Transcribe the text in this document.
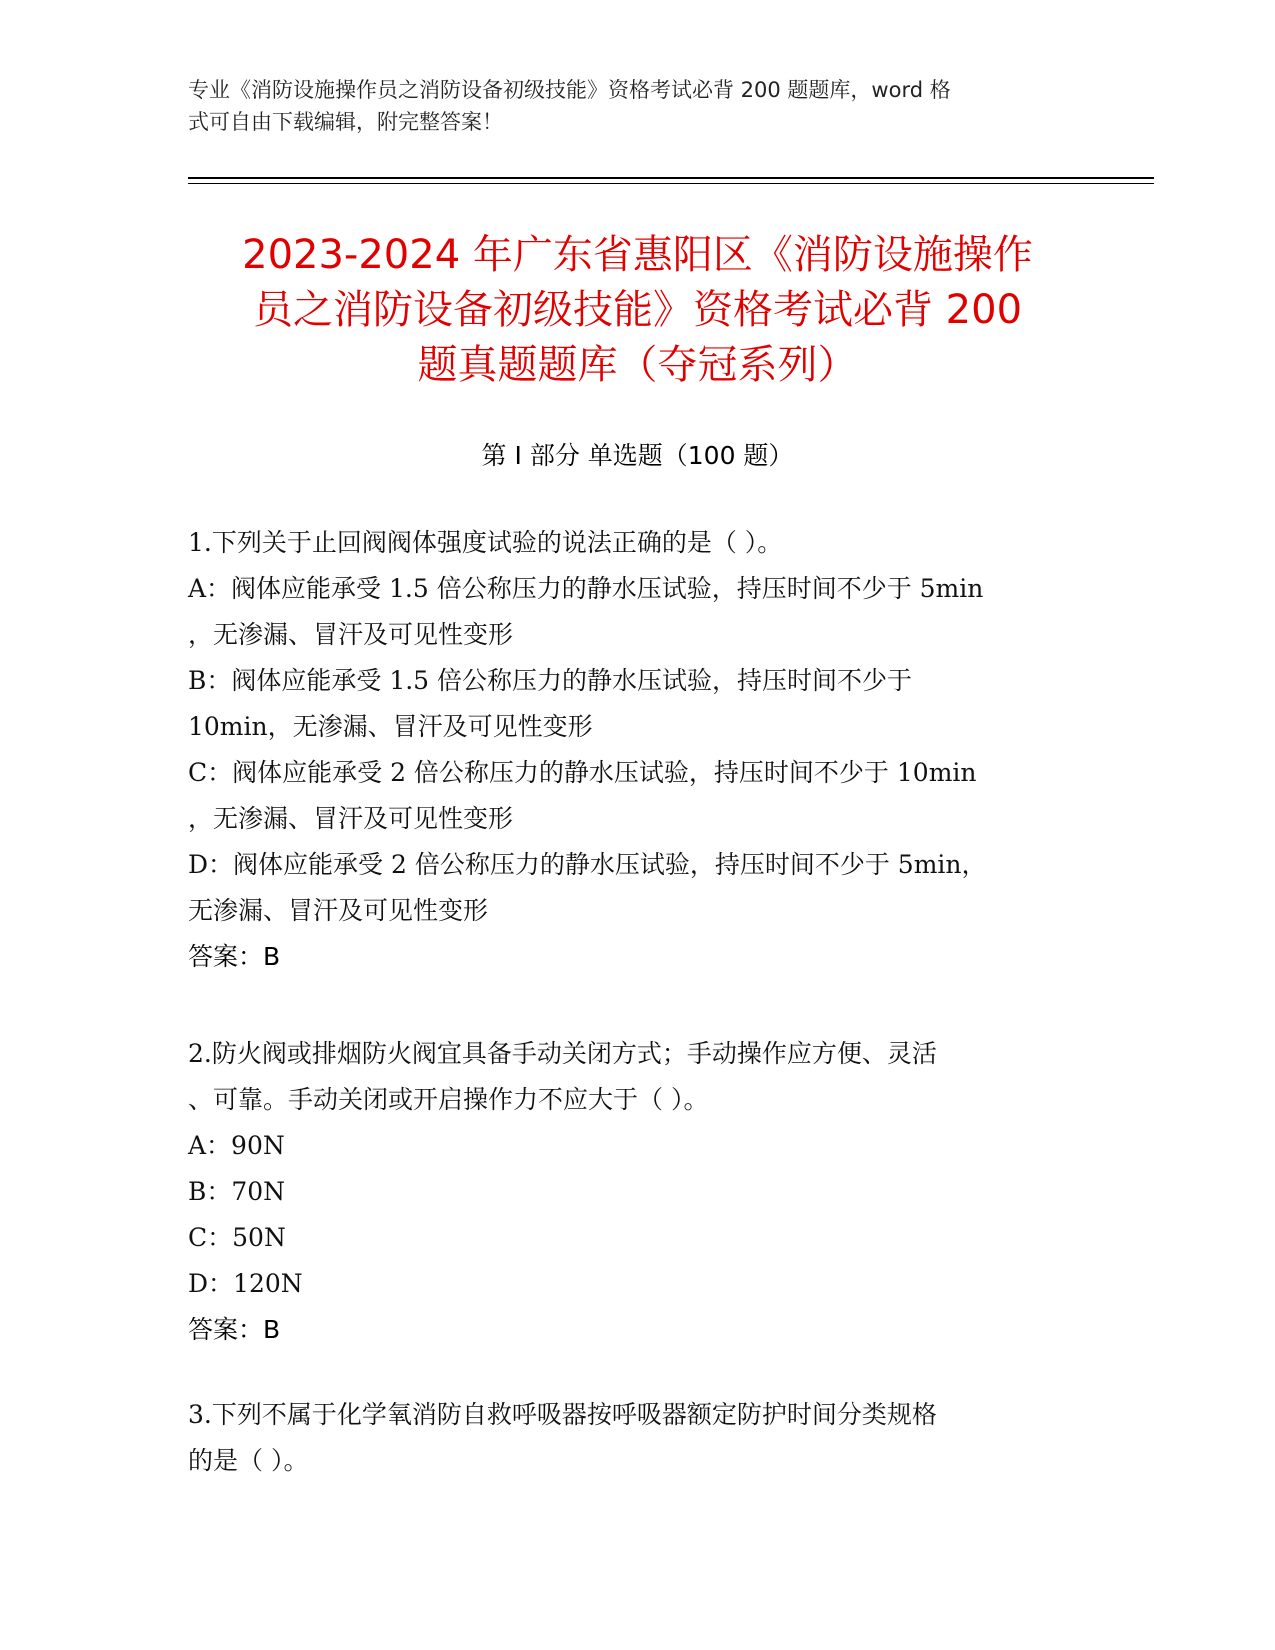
专业《消防设施操作员之消防设备初级技能》资格考试必背 200 题题库，word 格
式可自由下载编辑，附完整答案！
2023-2024 年广东省惠阳区《消防设施操作
员之消防设备初级技能》资格考试必背 200
题真题题库（夺冠系列）
第 I 部分 单选题（100 题）
1.下列关于止回阀阀体强度试验的说法正确的是（ ）。
A：阀体应能承受 1.5 倍公称压力的静水压试验，持压时间不少于 5min
，无渗漏、冒汗及可见性变形
B：阀体应能承受 1.5 倍公称压力的静水压试验，持压时间不少于
10min，无渗漏、冒汗及可见性变形
C：阀体应能承受 2 倍公称压力的静水压试验，持压时间不少于 10min
，无渗漏、冒汗及可见性变形
D：阀体应能承受 2 倍公称压力的静水压试验，持压时间不少于 5min，
无渗漏、冒汗及可见性变形
答案：B
2.防火阀或排烟防火阀宜具备手动关闭方式；手动操作应方便、灵活
、可靠。手动关闭或开启操作力不应大于（ ）。
A：90N
B：70N
C：50N
D：120N
答案：B
3.下列不属于化学氧消防自救呼吸器按呼吸器额定防护时间分类规格
的是（ ）。
